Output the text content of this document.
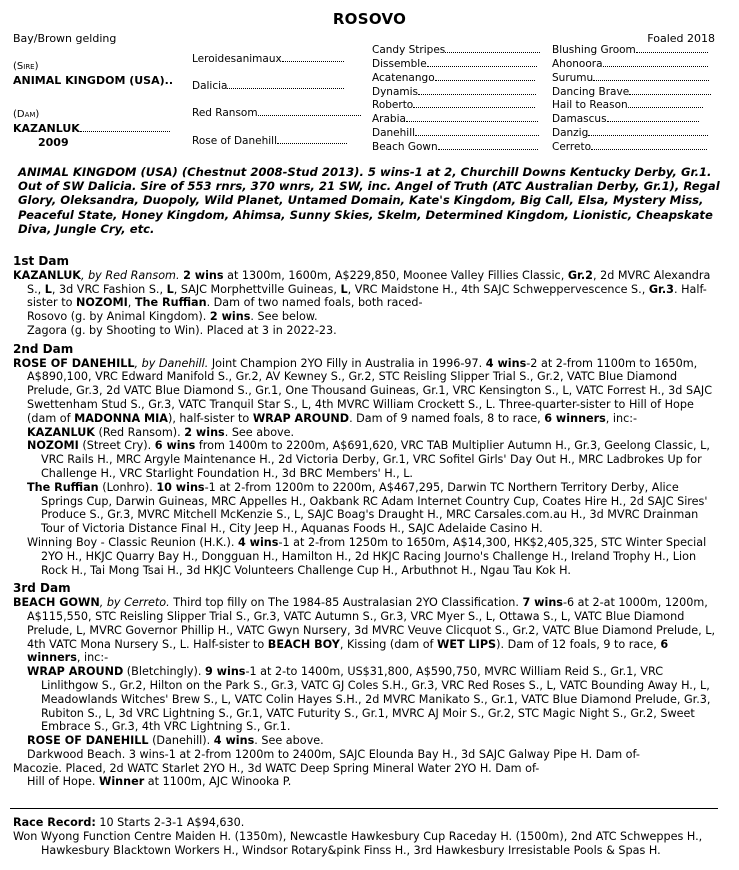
ROSOVO
Bay/Brown gelding	Foaled 2018
(Sire)
ANIMAL KINGDOM (USA)..
(Dam)
KAZANLUK
2009
Leroidesanimaux
Dalicia
Red Ransom
Rose of Danehill
Candy Stripes
Dissemble
Acatenango
Dynamis
Roberto
Arabia
Danehill
Beach Gown
Blushing Groom
Ahonoora
Surumu
Dancing Brave
Hail to Reason
Damascus
Danzig
Cerreto
ANIMAL KINGDOM (USA) (Chestnut 2008-Stud 2013). 5 wins-1 at 2, Churchill Downs Kentucky Derby, Gr.1. Out of SW Dalicia. Sire of 553 rnrs, 370 wnrs, 21 SW, inc. Angel of Truth (ATC Australian Derby, Gr.1), Regal Glory, Oleksandra, Duopoly, Wild Planet, Untamed Domain, Kate's Kingdom, Big Call, Elsa, Mystery Miss, Peaceful State, Honey Kingdom, Ahimsa, Sunny Skies, Skelm, Determined Kingdom, Lionistic, Cheapskate Diva, Jungle Cry, etc.

1st Dam

KAZANLUK, by Red Ransom. 2 wins at 1300m, 1600m, A$229,850, Moonee Valley Fillies Classic, Gr.2, 2d MVRC Alexandra S., L, 3d VRC Fashion S., L, SAJC Morphettville Guineas, L, VRC Maidstone H., 4th SAJC Schweppervescence S., Gr.3. Half-sister to NOZOMI, The Ruffian. Dam of two named foals, both raced-

Rosovo (g. by Animal Kingdom). 2 wins. See below.

Zagora (g. by Shooting to Win). Placed at 3 in 2022-23.

2nd Dam

ROSE OF DANEHILL, by Danehill. Joint Champion 2YO Filly in Australia in 1996-97. 4 wins-2 at 2-from 1100m to 1650m, A$890,100, VRC Edward Manifold S., Gr.2, AV Kewney S., Gr.2, STC Reisling Slipper Trial S., Gr.2, VATC Blue Diamond Prelude, Gr.3, 2d VATC Blue Diamond S., Gr.1, One Thousand Guineas, Gr.1, VRC Kensington S., L, VATC Forrest H., 3d SAJC Swettenham Stud S., Gr.3, VATC Tranquil Star S., L, 4th MVRC William Crockett S., L. Three-quarter-sister to Hill of Hope (dam of MADONNA MIA), half-sister to WRAP AROUND. Dam of 9 named foals, 8 to race, 6 winners, inc:-

KAZANLUK (Red Ransom). 2 wins. See above.

NOZOMI (Street Cry). 6 wins from 1400m to 2200m, A$691,620, VRC TAB Multiplier Autumn H., Gr.3, Geelong Classic, L, VRC Rails H., MRC Argyle Maintenance H., 2d Victoria Derby, Gr.1, VRC Sofitel Girls' Day Out H., MRC Ladbrokes Up for Challenge H., VRC Starlight Foundation H., 3d BRC Members' H., L.

The Ruffian (Lonhro). 10 wins-1 at 2-from 1200m to 2200m, A$467,295, Darwin TC Northern Territory Derby, Alice Springs Cup, Darwin Guineas, MRC Appelles H., Oakbank RC Adam Internet Country Cup, Coates Hire H., 2d SAJC Sires' Produce S., Gr.3, MVRC Mitchell McKenzie S., L, SAJC Boag's Draught H., MRC Carsales.com.au H., 3d MVRC Drainman Tour of Victoria Distance Final H., City Jeep H., Aquanas Foods H., SAJC Adelaide Casino H.

Winning Boy - Classic Reunion (H.K.). 4 wins-1 at 2-from 1250m to 1650m, A$14,300, HK$2,405,325, STC Winter Special 2YO H., HKJC Quarry Bay H., Dongguan H., Hamilton H., 2d HKJC Racing Journo's Challenge H., Ireland Trophy H., Lion Rock H., Tai Mong Tsai H., 3d HKJC Volunteers Challenge Cup H., Arbuthnot H., Ngau Tau Kok H.

3rd Dam

BEACH GOWN, by Cerreto. Third top filly on The 1984-85 Australasian 2YO Classification. 7 wins-6 at 2-at 1000m, 1200m, A$115,550, STC Reisling Slipper Trial S., Gr.3, VATC Autumn S., Gr.3, VRC Myer S., L, Ottawa S., L, VATC Blue Diamond Prelude, L, MVRC Governor Phillip H., VATC Gwyn Nursery, 3d MVRC Veuve Clicquot S., Gr.2, VATC Blue Diamond Prelude, L, 4th VATC Mona Nursery S., L. Half-sister to BEACH BOY, Kissing (dam of WET LIPS). Dam of 12 foals, 9 to race, 6 winners, inc:-

WRAP AROUND (Bletchingly). 9 wins-1 at 2-to 1400m, US$31,800, A$590,750, MVRC William Reid S., Gr.1, VRC Linlithgow S., Gr.2, Hilton on the Park S., Gr.3, VATC GJ Coles S.H., Gr.3, VRC Red Roses S., L, VATC Bounding Away H., L, Meadowlands Witches' Brew S., L, VATC Colin Hayes S.H., 2d MVRC Manikato S., Gr.1, VATC Blue Diamond Prelude, Gr.3, Rubiton S., L, 3d VRC Lightning S., Gr.1, VATC Futurity S., Gr.1, MVRC AJ Moir S., Gr.2, STC Magic Night S., Gr.2, Sweet Embrace S., Gr.3, 4th VRC Lightning S., Gr.1.

ROSE OF DANEHILL (Danehill). 4 wins. See above.

Darkwood Beach. 3 wins-1 at 2-from 1200m to 2400m, SAJC Elounda Bay H., 3d SAJC Galway Pipe H. Dam of-

Macozie. Placed, 2d WATC Starlet 2YO H., 3d WATC Deep Spring Mineral Water 2YO H. Dam of-

Hill of Hope. Winner at 1100m, AJC Winooka P.

Race Record: 10 Starts 2-3-1 A$94,630.

Won Wyong Function Centre Maiden H. (1350m), Newcastle Hawkesbury Cup Raceday H. (1500m), 2nd ATC Schweppes H., Hawkesbury Blacktown Workers H., Windsor Rotary&pink Finss H., 3rd Hawkesbury Irresistable Pools & Spas H.
